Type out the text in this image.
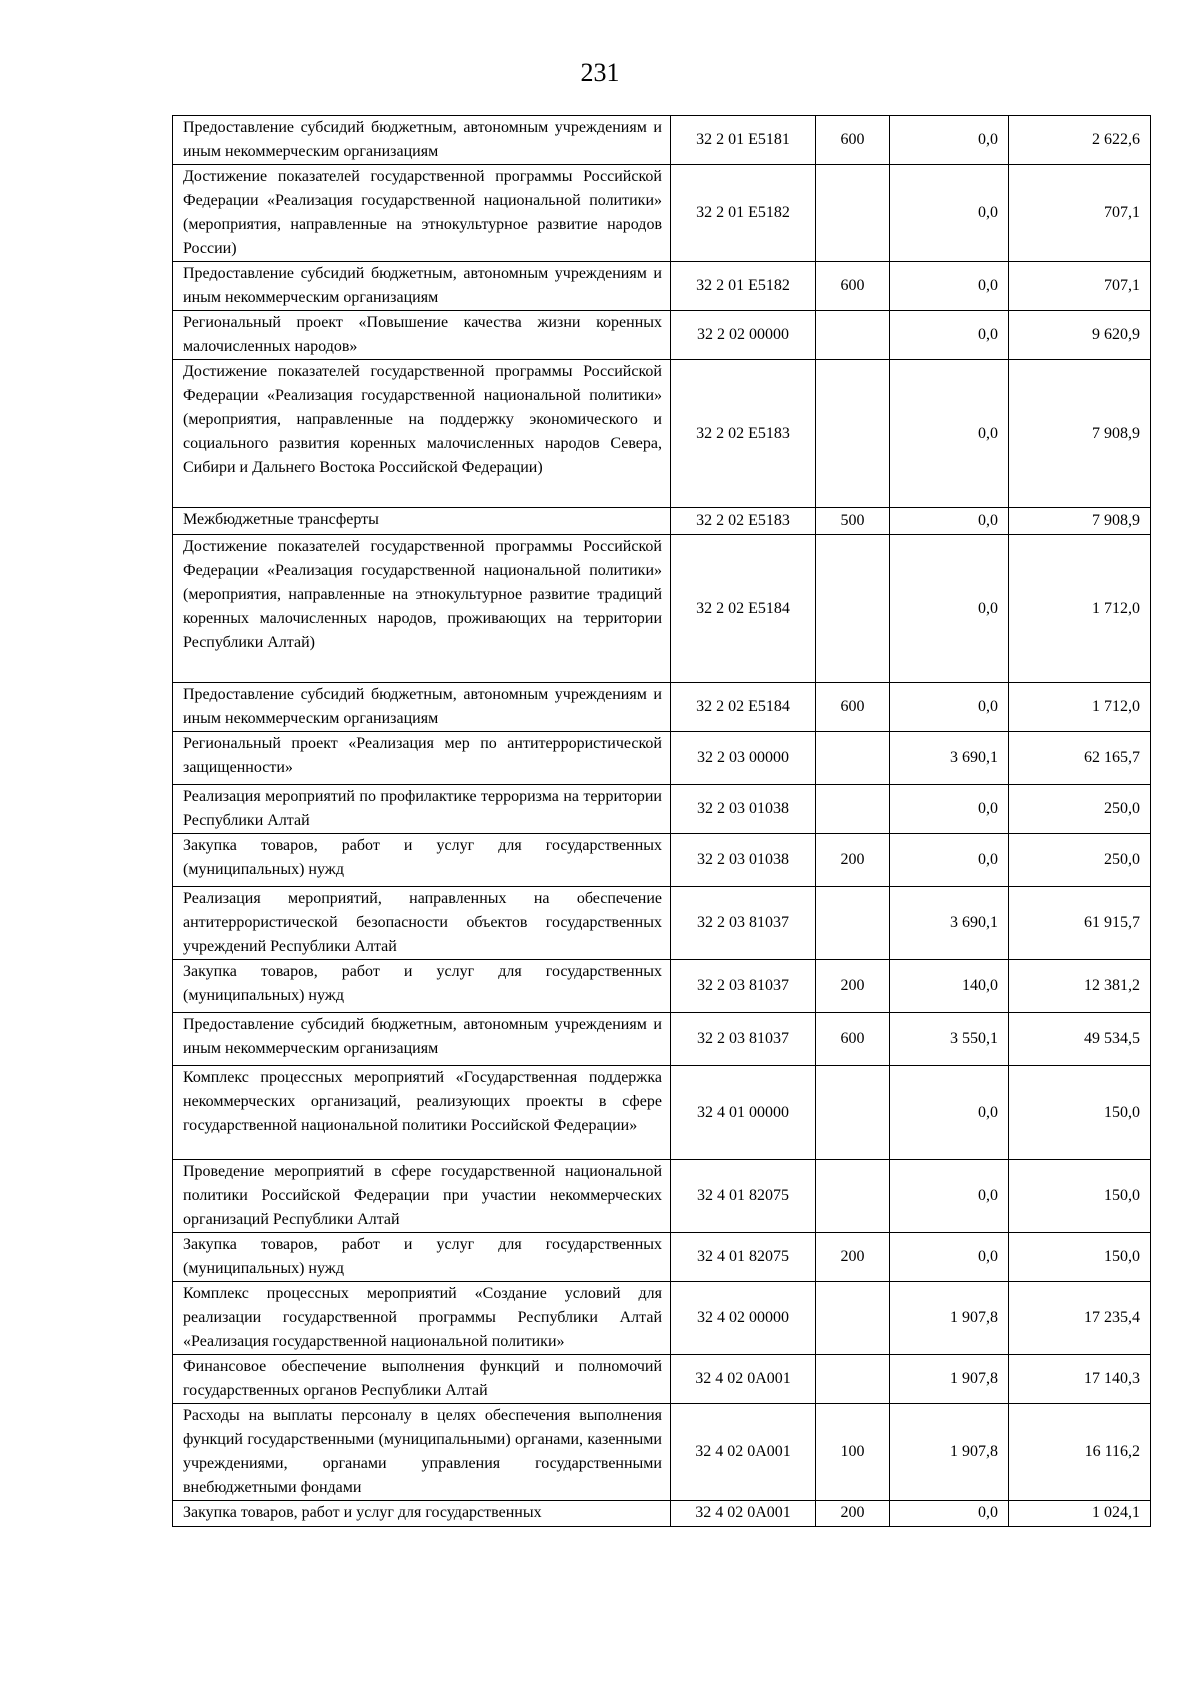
231
Предоставление субсидий бюджетным, автономным учреждениям и иным некоммерческим организациям	32 2 01 E5181	600	0,0	2 622,6
Достижение показателей государственной программы Российской Федерации «Реализация государственной национальной политики» (мероприятия, направленные на этнокультурное развитие народов России)	32 2 01 E5182		0,0	707,1
Предоставление субсидий бюджетным, автономным учреждениям и иным некоммерческим организациям	32 2 01 E5182	600	0,0	707,1
Региональный проект «Повышение качества жизни коренных малочисленных народов»	32 2 02 00000		0,0	9 620,9
Достижение показателей государственной программы Российской Федерации «Реализация государственной национальной политики» (мероприятия, направленные на поддержку экономического и социального развития коренных малочисленных народов Севера, Сибири и Дальнего Востока Российской Федерации)	32 2 02 E5183		0,0	7 908,9
Межбюджетные трансферты	32 2 02 E5183	500	0,0	7 908,9
Достижение показателей государственной программы Российской Федерации «Реализация государственной национальной политики» (мероприятия, направленные на этнокультурное развитие традиций коренных малочисленных народов, проживающих на территории Республики Алтай)	32 2 02 E5184		0,0	1 712,0
Предоставление субсидий бюджетным, автономным учреждениям и иным некоммерческим организациям	32 2 02 E5184	600	0,0	1 712,0
Региональный проект «Реализация мер по антитеррористической защищенности»	32 2 03 00000		3 690,1	62 165,7
Реализация мероприятий по профилактике терроризма на территории Республики Алтай	32 2 03 01038		0,0	250,0
Закупка товаров, работ и услуг для государственных (муниципальных) нужд	32 2 03 01038	200	0,0	250,0
Реализация мероприятий, направленных на обеспечение антитеррористической безопасности объектов государственных учреждений Республики Алтай	32 2 03 81037		3 690,1	61 915,7
Закупка товаров, работ и услуг для государственных (муниципальных) нужд	32 2 03 81037	200	140,0	12 381,2
Предоставление субсидий бюджетным, автономным учреждениям и иным некоммерческим организациям	32 2 03 81037	600	3 550,1	49 534,5
Комплекс процессных мероприятий «Государственная поддержка некоммерческих организаций, реализующих проекты в сфере государственной национальной политики Российской Федерации»	32 4 01 00000		0,0	150,0
Проведение мероприятий в сфере государственной национальной политики Российской Федерации при участии некоммерческих организаций Республики Алтай	32 4 01 82075		0,0	150,0
Закупка товаров, работ и услуг для государственных (муниципальных) нужд	32 4 01 82075	200	0,0	150,0
Комплекс процессных мероприятий «Создание условий для реализации государственной программы Республики Алтай «Реализация государственной национальной политики»	32 4 02 00000		1 907,8	17 235,4
Финансовое обеспечение выполнения функций и полномочий государственных органов Республики Алтай	32 4 02 0A001		1 907,8	17 140,3
Расходы на выплаты персоналу в целях обеспечения выполнения функций государственными (муниципальными) органами, казенными учреждениями, органами управления государственными внебюджетными фондами	32 4 02 0A001	100	1 907,8	16 116,2
Закупка товаров, работ и услуг для государственных	32 4 02 0A001	200	0,0	1 024,1
